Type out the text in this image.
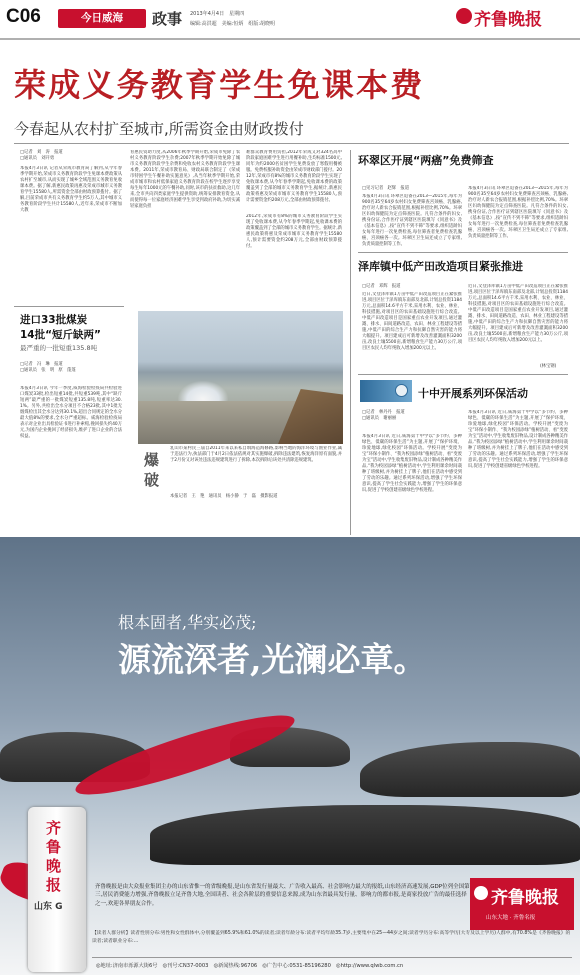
C06	今日威海	政事 2013年4月4日　星期四
编辑:高洪超　美编:恒炳　组版:胡晓明	齐鲁晚报
荣成义务教育学生免课本费
今春起从农村扩至城市,所需资金由财政拨付
□记者　刘　涛　报道
□通讯员　刘开勇
本报4月3日讯 记者从荣成市教育局了解到,从今年春季学期开始,荣成市义务教育阶段学生免课本费政策从农村扩至城市,从而实现了城乡全域范围义务教育免收课本费。据了解,新惠民政策再惠及荣成市城市义务教育学生15580人,所需资金全部由财政预算拨付。据了解,目前荣成市共有义务教育学生约5万人,其中城市义务教育阶段学生共计15580人,近年来,荣成市不断加大教
育惠民资助力度,从2006年秋季学期开始,荣成市免除了农村义务教育阶段学生杂费;2007年秋季学期开始免除了城市义务教育阶段学生杂费和免收农村义务教育阶段学生课本费。2011年,荣成市教育局、财政局联合制定了《荣成市特困学生午餐补助实施意见》,从当年秋季学期开始,荣成市城市和农村低保家庭义务教育阶段在校学生逐步享受每生每年1000元的午餐补助,同时,该市的扶贫救助,这几年来,全市共向四类家庭学生提供资助,统筹安排教育资金,从而使得每一位家庭经济困难学生享受到政府补助,为切实减轻家庭负担
难群众教育费用负担,2012年荣成又对324名高中阶段家庭困难学生进行用餐补助,生均标准1500元,同年为约2000名贫困学生免费发放了寒假用餐被服。免费校服补助资金由荣成市财政部门拨付。2012年,荣成市有8%的城市义务教育阶段学生实现了免收课本费,从今年春季学期起,免收课本费的政策覆盖到了全部的城市义务教育学生,据统计,新惠民政策将惠及荣成市城市义务教育学生15580人,预计需要资金约208万元,全部由财政预算拨付。
2012年,荣成市有8%的城市义务教育阶段学生实现了免收课本费,从今年春季学期起,免收课本费的政策覆盖到了全部的城市义务教育学生。据统计,新惠民政策将惠及荣成市城市义务教育学生15580人,预计需要资金约208万元,全部由财政预算拨付。
进口33批煤炭
14批“短斤缺两”
最严重的一批短重135.8吨
□记者　冯　琳　报道
□通讯员　张　明　原　蓬蓬
本报4月3日讯 今年一季度,威海检验检疫局共检验进口煤炭33批,检出短重14批,共短重539吨,其中“缺斤短两”最严重的一批煤炭短重135.8吨,短重率达30.1%。另外,共检出全水分项目不合格23批,其中1批无烟煤检出其全水分达到30.1%,超出合同规定的全水分最大值8%的要求,全水分严重超标。威海检验检疫局表示对企业出具检验证书进行补索赔,挽回损失约40万元,为国内企业挽回了经济损失,维护了进口企业的合法权益。
爆破
乳山市某村民三届自2011年来以来私自填海造海修路,影响当地的海洋环境与渔业作业,属于违法行为,执法部门于4月2日依法依规对其实施爆破,拆除违法建筑,恢复海洋原有面貌,并于2月份又对该处违法违规建筑进行了拆除,本次拆除后该处共清除违规建筑。
本报记者　王　艳　通讯员　杨小静　于　磊　摄影报道
环翠区开展“两癌”免费筛查
□见习记者　赵辉　报道
本报4月3日讯 环翠区追备在2013—2015年,每年为900名35至64岁农村妇女免费筛查宫颈癌、乳腺癌,治疗对人新农合报销范围,根据补偿比例,70%。环翠区妇幼保健院为定点筛查医院。凡符合条件的妇女,携身份证,合作医疗证到辖区医院填写《同意书》及《基本信息》,按“宣传不到不筛”等要求,组织适龄妇女每年进行一次免费检查,每位筛查者免费检查乳腺癌、宫颈癌各一次。环翠区卫生局还成立了专家组,负责质量控制等工作。
本报4月3日讯 环翠区追备在2013—2015年,每年为900名35至64岁农村妇女免费筛查宫颈癌、乳腺癌,治疗对人新农合报销范围,根据补偿比例,70%。环翠区妇幼保健院为定点筛查医院。凡符合条件的妇女,携身份证,合作医疗证到辖区医院填写《同意书》及《基本信息》,按“宣传不到不筛”等要求,组织适龄妇女每年进行一次免费检查,每位筛查者免费检查乳腺癌、宫颈癌各一次。环翠区卫生局还成立了专家组,负责质量控制等工作。
泽库镇中低产田改造项目紧张推进
□记者　邓辉　报道
近日,文登泽库镇1万亩中低产田改造项目正在紧张推进,项目区位于泽库镇东南部及北部,计划总投资1184万元,总面积14.6平方千米,采用水利、农业、林业、科技措施,对项目区的农田基础设施进行综合改造。中低产田改造项目是国家重点农业开发项目,通过灌溉、排水、田间道路改造、农田、林业工程建设等措施,中低产田的综合生产力和抗御自然灾害的能力将大幅提升。项目建成后可新增及改善灌溉面积3200亩,改良土壤5500亩,新增粮食生产能力30万公斤,项目区农民人均年纯收入增加200元以上。
近日,文登泽库镇1万亩中低产田改造项目正在紧张推进,项目区位于泽库镇东南部及北部,计划总投资1184万元,总面积14.6平方千米,采用水利、农业、林业、科技措施,对项目区的农田基础设施进行综合改造。中低产田改造项目是国家重点农业开发项目,通过灌溉、排水、田间道路改造、农田、林业工程建设等措施,中低产田的综合生产力和抗御自然灾害的能力将大幅提升。项目建成后可新增及改善灌溉面积3200亩,改良土壤5500亩,新增粮食生产能力30万公斤,项目区农民人均年纯收入增加200元以上。
(林宝钢)
十中开展系列环保活动
□记者　林丹丹　报道
□通讯员　谢丽丽
本报4月3日讯 近日,威海第十中学以“多节约、多种绿色、低碳的环保生活”为主题,开展了“保护环境、珍爱地球,绿化校园”环保活动。学校开展“变废为宝”环保小制作、“我为校园添绿”植树活动、看“变废为宝”活动中,学生收集废旧物品,设计制成各种精美作品,“我为校园添绿”植树活动中,学生利用课余时间栽种了班级树,并为树挂上了牌子,他们在活动中感受到了劳动的乐趣。通过系列环保活动,增强了学生环保意识,提高了学生社会实践能力,增强了学生的环保意识,促进了学校创建省级绿色学校进程。
本报4月3日讯 近日,威海第十中学以“多节约、多种绿色、低碳的环保生活”为主题,开展了“保护环境、珍爱地球,绿化校园”环保活动。学校开展“变废为宝”环保小制作、“我为校园添绿”植树活动、看“变废为宝”活动中,学生收集废旧物品,设计制成各种精美作品,“我为校园添绿”植树活动中,学生利用课余时间栽种了班级树,并为树挂上了牌子,他们在活动中感受到了劳动的乐趣。通过系列环保活动,增强了学生环保意识,提高了学生社会实践能力,增强了学生的环保意识,促进了学校创建省级绿色学校进程。
根本固者,华实必茂;
源流深者,光澜必章。
齐鲁晚报
山东 G
齐鲁晚报是由大众报业集团主办的山东省惟一的省级晚报,是山东省发行量最大、广告收入最高、社会影响力最大的报纸,山东经济高速发展,GDP位列全国第三,居民消费能力增强,齐鲁晚报立足齐鲁大地,全国读者、社会各阶层的重要信息来源,成为山东省最具发行量、影响力的都市报,是商家投放广告的最佳选择之一,欢迎各界朋友合作。	齐鲁晚报
山东大地 · 齐鲁名报
【读者人群分析】读者性别分布:男性和女性群体中,分别覆盖到65.9%和61.0%的读者;读者年龄分布:读者平均年龄35.7岁,主要集中在25—44岁之间;读者学历分布:高等学历(大专及以上学历)人群中,有70.8%是《齐鲁晚报》的读者;读者职业分布:…
◎地址:济南市泺源大街6号　◎刊号:CN37-0003　◎新闻热线:96706　◎广告中心:0531-85196280　◎http://www.qlwb.com.cn
